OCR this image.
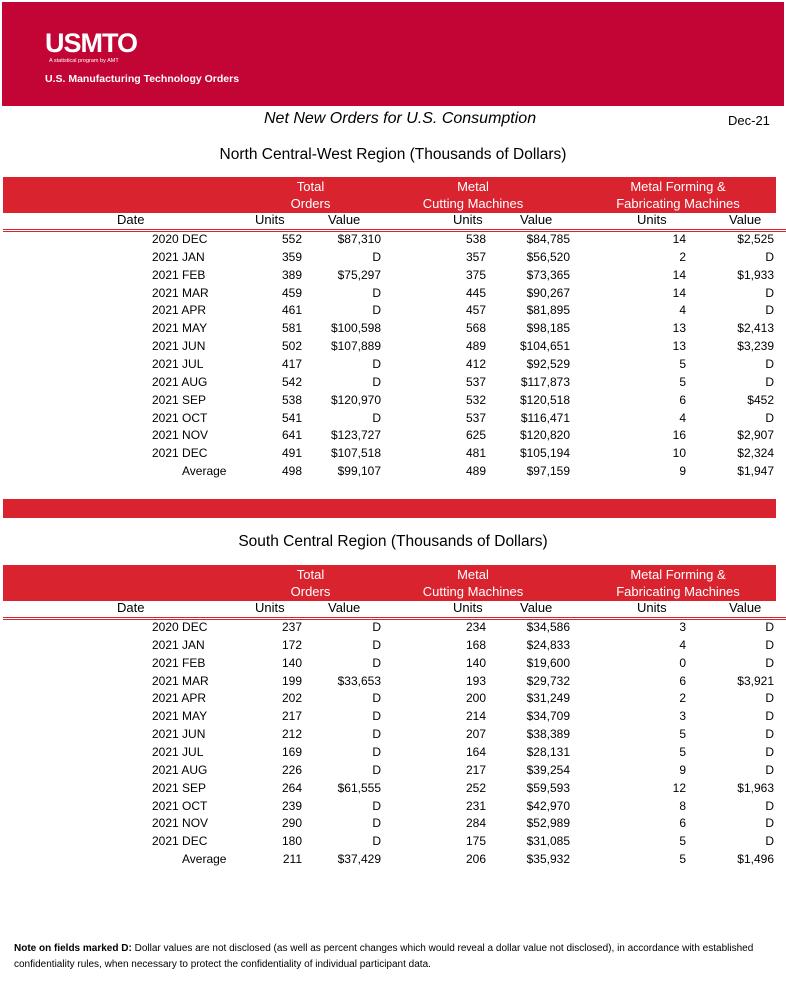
USMTO
A statistical program by AMT
U.S. Manufacturing Technology Orders
Net New Orders for U.S. Consumption	Dec-21
North Central-West Region (Thousands of Dollars)
Total
Orders
Metal
Cutting Machines
Metal Forming &
Fabricating Machines
Date	Units	Value	Units	Value	Units	Value
2020 DEC	552	$87,310	538	$84,785	14	$2,525
2021 JAN	359	D	357	$56,520	2	D
2021 FEB	389	$75,297	375	$73,365	14	$1,933
2021 MAR	459	D	445	$90,267	14	D
2021 APR	461	D	457	$81,895	4	D
2021 MAY	581 $100,598	568	$98,185	13	$2,413
2021 JUN	502 $107,889	489	$104,651	13	$3,239
2021 JUL	417	D	412	$92,529	5	D
2021 AUG	542	D	537	$117,873	5	D
2021 SEP	538 $120,970	532	$120,518	6	$452
2021 OCT	541	D	537	$116,471	4	D
2021 NOV	641 $123,727	625	$120,820	16	$2,907
2021 DEC	491 $107,518	481	$105,194	10	$2,324
Average	498	$99,107	489	$97,159	9	$1,947
South Central Region (Thousands of Dollars)
Total
Orders
Metal
Cutting Machines
Metal Forming &
Fabricating Machines
Date	Units	Value	Units	Value	Units	Value
2020 DEC	237	D	234	$34,586	3	D
2021 JAN	172	D	168	$24,833	4	D
2021 FEB	140	D	140	$19,600	0	D
2021 MAR	199	$33,653	193	$29,732	6	$3,921
2021 APR	202	D	200	$31,249	2	D
2021 MAY	217	D	214	$34,709	3	D
2021 JUN	212	D	207	$38,389	5	D
2021 JUL	169	D	164	$28,131	5	D
2021 AUG	226	D	217	$39,254	9	D
2021 SEP	264	$61,555	252	$59,593	12	$1,963
2021 OCT	239	D	231	$42,970	8	D
2021 NOV	290	D	284	$52,989	6	D
2021 DEC	180	D	175	$31,085	5	D
Average	211	$37,429	206	$35,932	5	$1,496
Note on fields marked D: Dollar values are not disclosed (as well as percent changes which would reveal a dollar value not disclosed), in accordance with established confidentiality rules, when necessary to protect the confidentiality of individual participant data.
